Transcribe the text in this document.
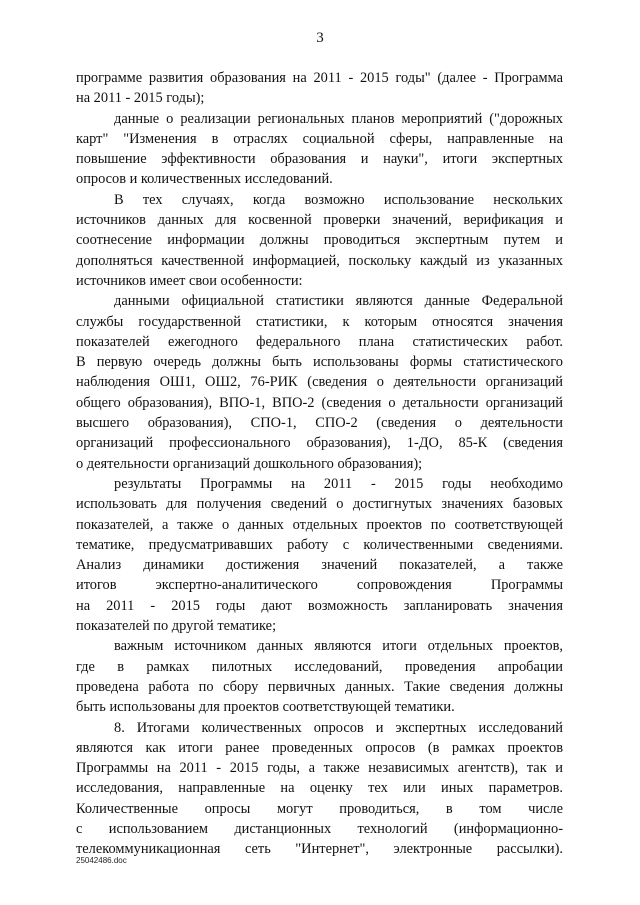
3
программе развития образования на 2011 - 2015 годы" (далее - Программа
на 2011 - 2015 годы);
данные о реализации региональных планов мероприятий ("дорожных
карт" "Изменения в отраслях социальной сферы, направленные на
повышение эффективности образования и науки", итоги экспертных
опросов и количественных исследований.
В тех случаях, когда возможно использование нескольких
источников данных для косвенной проверки значений, верификация и
соотнесение информации должны проводиться экспертным путем и
дополняться качественной информацией, поскольку каждый из указанных
источников имеет свои особенности:
данными официальной статистики являются данные Федеральной
службы государственной статистики, к которым относятся значения
показателей ежегодного федерального плана статистических работ.
В первую очередь должны быть использованы формы статистического
наблюдения ОШ1, ОШ2, 76-РИК (сведения о деятельности организаций
общего образования), ВПО-1, ВПО-2 (сведения о детальности организаций
высшего образования), СПО-1, СПО-2 (сведения о деятельности
организаций профессионального образования), 1-ДО, 85-К (сведения
о деятельности организаций дошкольного образования);
результаты Программы на 2011 - 2015 годы необходимо
использовать для получения сведений о достигнутых значениях базовых
показателей, а также о данных отдельных проектов по соответствующей
тематике, предусматривавших работу с количественными сведениями.
Анализ динамики достижения значений показателей, а также
итогов экспертно-аналитического сопровождения Программы
на 2011 - 2015 годы дают возможность запланировать значения
показателей по другой тематике;
важным источником данных являются итоги отдельных проектов,
где в рамках пилотных исследований, проведения апробации
проведена работа по сбору первичных данных. Такие сведения должны
быть использованы для проектов соответствующей тематики.
8. Итогами количественных опросов и экспертных исследований
являются как итоги ранее проведенных опросов (в рамках проектов
Программы на 2011 - 2015 годы, а также независимых агентств), так и
исследования, направленные на оценку тех или иных параметров.
Количественные опросы могут проводиться, в том числе
с использованием дистанционных технологий (информационно-
телекоммуникационная сеть "Интернет", электронные рассылки).
25042486.doc
